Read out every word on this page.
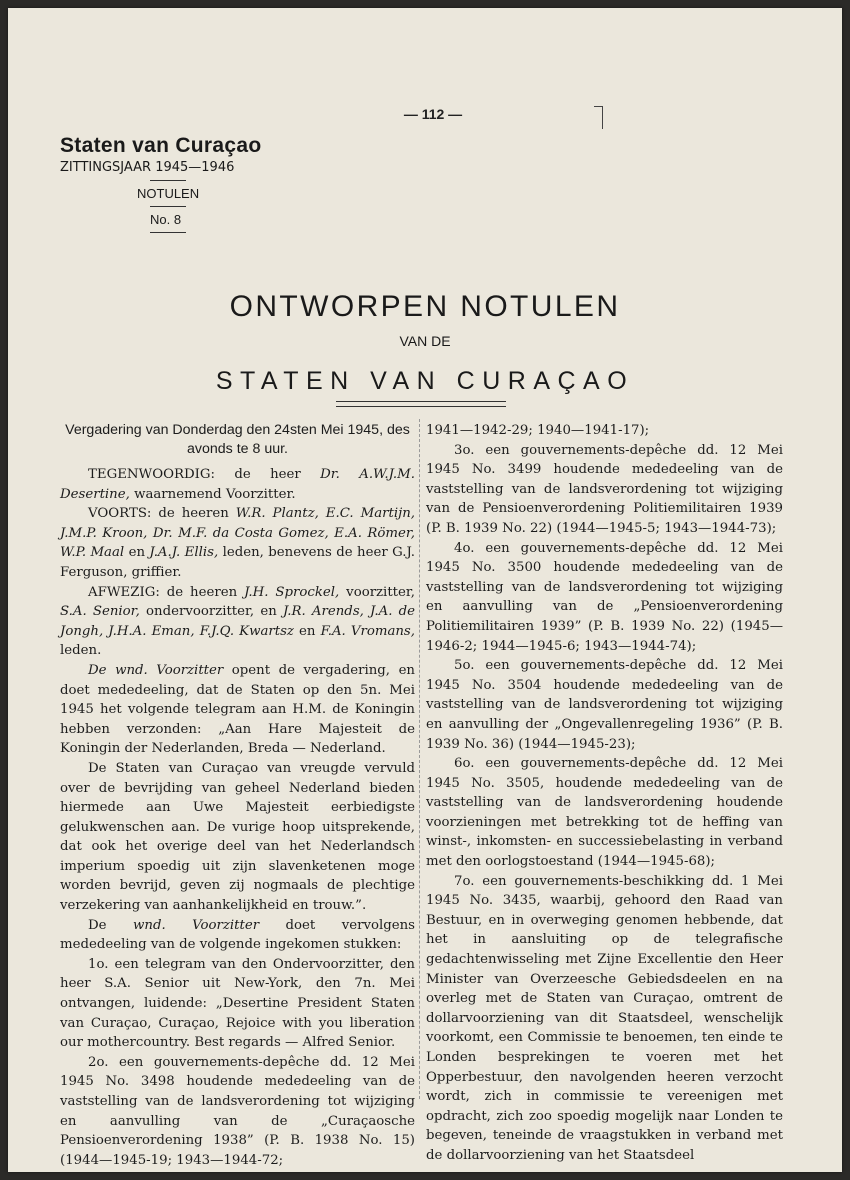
— 112 —
Staten van Curaçao
ZITTINGSJAAR 1945—1946
NOTULEN
No. 8
ONTWORPEN NOTULEN
VAN DE
STATEN VAN CURAÇAO

Vergadering van Donderdag den 24sten Mei 1945, des avonds te 8 uur.

TEGENWOORDIG: de heer Dr. A.W.J.M. Desertine, waarnemend Voorzitter.

VOORTS: de heeren W.R. Plantz, E.C. Martijn, J.M.P. Kroon, Dr. M.F. da Costa Gomez, E.A. Römer, W.P. Maal en J.A.J. Ellis, leden, benevens de heer G.J. Ferguson, griffier.

AFWEZIG: de heeren J.H. Sprockel, voorzitter, S.A. Senior, ondervoorzitter, en J.R. Arends, J.A. de Jongh, J.H.A. Eman, F.J.Q. Kwartsz en F.A. Vromans, leden.

De wnd. Voorzitter opent de vergadering, en doet mededeeling, dat de Staten op den 5n. Mei 1945 het volgende telegram aan H.M. de Koningin hebben verzonden: „Aan Hare Majesteit de Koningin der Nederlanden, Breda — Nederland.

De Staten van Curaçao van vreugde vervuld over de bevrijding van geheel Nederland bieden hiermede aan Uwe Majesteit eerbiedigste gelukwenschen aan. De vurige hoop uitsprekende, dat ook het overige deel van het Nederlandsch imperium spoedig uit zijn slavenketenen moge worden bevrijd, geven zij nogmaals de plechtige verzekering van aanhankelijkheid en trouw.”.

De wnd. Voorzitter doet vervolgens mededeeling van de volgende ingekomen stukken:

1o. een telegram van den Ondervoorzitter, den heer S.A. Senior uit New-York, den 7n. Mei ontvangen, luidende: „Desertine President Staten van Curaçao, Curaçao, Rejoice with you liberation our mothercountry. Best regards — Alfred Senior.

2o. een gouvernements-depêche dd. 12 Mei 1945 No. 3498 houdende mededeeling van de vaststelling van de landsverordening tot wijziging en aanvulling van de „Curaçaosche Pensioenverordening 1938” (P. B. 1938 No. 15) (1944—1945-19; 1943—1944-72;

1941—1942-29; 1940—1941-17);

3o. een gouvernements-depêche dd. 12 Mei 1945 No. 3499 houdende mededeeling van de vaststelling van de landsverordening tot wijziging van de Pensioenverordening Politiemilitairen 1939 (P. B. 1939 No. 22) (1944—1945-5; 1943—1944-73);

4o. een gouvernements-depêche dd. 12 Mei 1945 No. 3500 houdende mededeeling van de vaststelling van de landsverordening tot wijziging en aanvulling van de „Pensioenverordening Politiemilitairen 1939” (P. B. 1939 No. 22) (1945—1946-2; 1944—1945-6; 1943—1944-74);

5o. een gouvernements-depêche dd. 12 Mei 1945 No. 3504 houdende mededeeling van de vaststelling van de landsverordening tot wijziging en aanvulling der „Ongevallenregeling 1936” (P. B. 1939 No. 36) (1944—1945-23);

6o. een gouvernements-depêche dd. 12 Mei 1945 No. 3505, houdende mededeeling van de vaststelling van de landsverordening houdende voorzieningen met betrekking tot de heffing van winst-, inkomsten- en successiebelasting in verband met den oorlogstoestand (1944—1945-68);

7o. een gouvernements-beschikking dd. 1 Mei 1945 No. 3435, waarbij, gehoord den Raad van Bestuur, en in overweging genomen hebbende, dat het in aansluiting op de telegrafische gedachtenwisseling met Zijne Excellentie den Heer Minister van Overzeesche Gebiedsdeelen en na overleg met de Staten van Curaçao, omtrent de dollarvoorziening van dit Staatsdeel, wenschelijk voorkomt, een Commissie te benoemen, ten einde te Londen besprekingen te voeren met het Opperbestuur, den navolgenden heeren verzocht wordt, zich in commissie te vereenigen met opdracht, zich zoo spoedig mogelijk naar Londen te begeven, teneinde de vraagstukken in verband met de dollarvoorziening van het Staatsdeel
